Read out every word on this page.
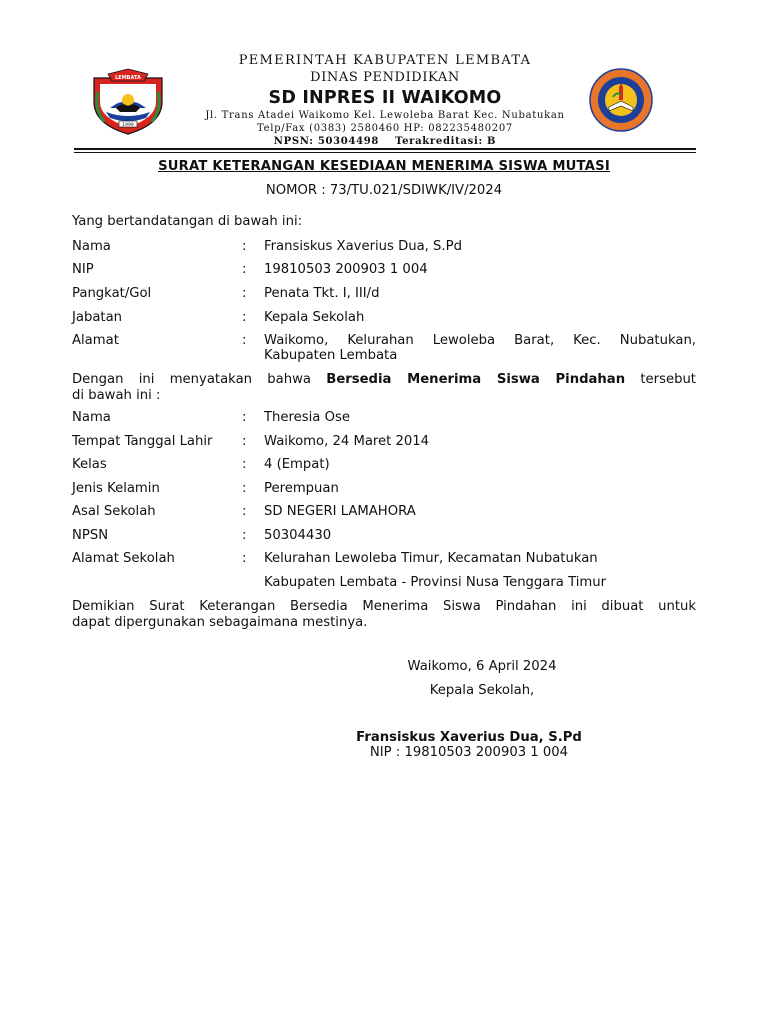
LEMBATA
1999
PEMERINTAH KABUPATEN LEMBATA
DINAS PENDIDIKAN
SD INPRES II WAIKOMO
Jl. Trans Atadei Waikomo Kel. Lewoleba Barat Kec. Nubatukan
Telp/Fax (0383) 2580460 HP: 082235480207
NPSN: 50304498 Terakreditasi: B
SURAT KETERANGAN KESEDIAAN MENERIMA SISWA MUTASI
NOMOR : 73/TU.021/SDIWK/IV/2024
Yang bertandatangan di bawah ini:
Nama	: Fransiskus Xaverius Dua, S.Pd
NIP	: 19810503 200903 1 004
Pangkat/Gol	: Penata Tkt. I, III/d
Jabatan	: Kepala Sekolah
Alamat	: Waikomo, Kelurahan Lewoleba Barat, Kec. Nubatukan,
Kabupaten Lembata
Dengan ini menyatakan bahwa Bersedia Menerima Siswa Pindahan tersebut
di bawah ini :
Nama	: Theresia Ose
Tempat Tanggal Lahir	: Waikomo, 24 Maret 2014
Kelas	: 4 (Empat)
Jenis Kelamin	: Perempuan
Asal Sekolah	: SD NEGERI LAMAHORA
NPSN	: 50304430
Alamat Sekolah	: Kelurahan Lewoleba Timur, Kecamatan Nubatukan
Kabupaten Lembata - Provinsi Nusa Tenggara Timur
Demikian Surat Keterangan Bersedia Menerima Siswa Pindahan ini dibuat untuk
dapat dipergunakan sebagaimana mestinya.
Waikomo, 6 April 2024
Kepala Sekolah,
Fransiskus Xaverius Dua, S.Pd
NIP : 19810503 200903 1 004
